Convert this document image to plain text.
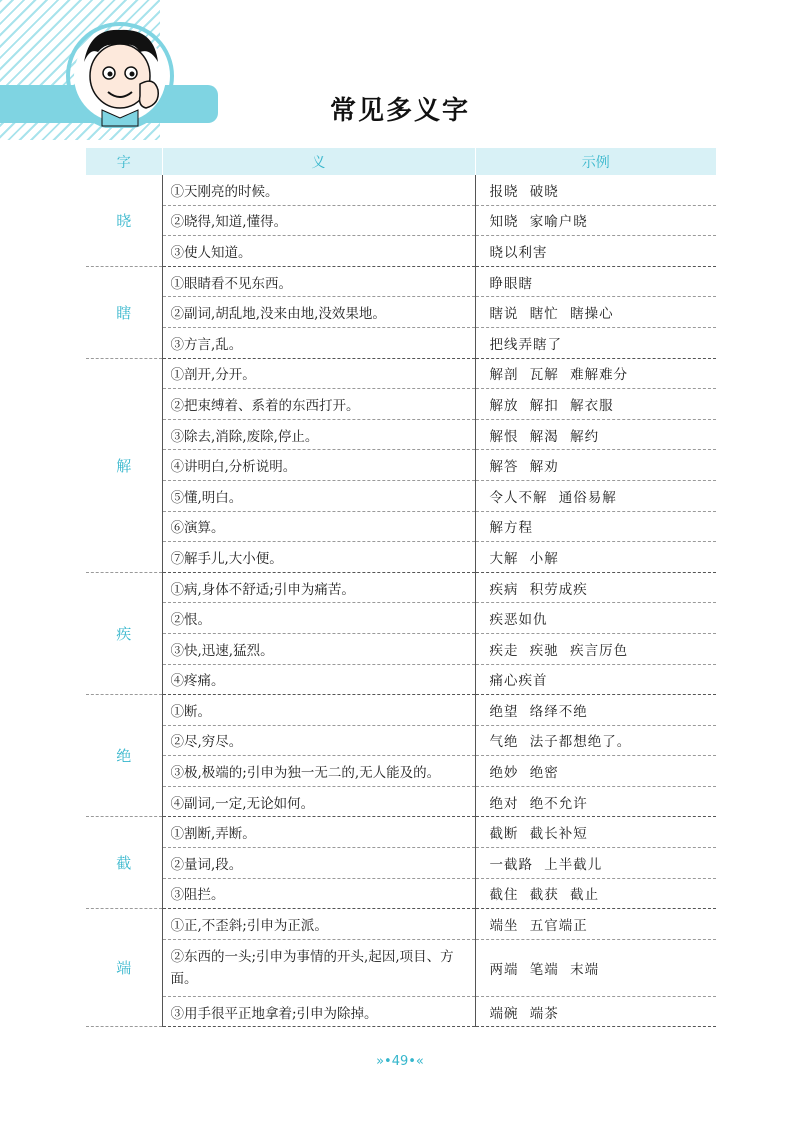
常见多义字
字	义	示例
晓	①天刚亮的时候。	报晓 破晓
	②晓得,知道,懂得。	知晓 家喻户晓
	③使人知道。	晓以利害
瞎	①眼睛看不见东西。	睁眼瞎
	②副词,胡乱地,没来由地,没效果地。	瞎说 瞎忙 瞎操心
	③方言,乱。	把线弄瞎了
解	①剖开,分开。	解剖 瓦解 难解难分
	②把束缚着、系着的东西打开。	解放 解扣 解衣服
	③除去,消除,废除,停止。	解恨 解渴 解约
	④讲明白,分析说明。	解答 解劝
	⑤懂,明白。	令人不解 通俗易解
	⑥演算。	解方程
	⑦解手儿,大小便。	大解 小解
疾	①病,身体不舒适;引申为痛苦。	疾病 积劳成疾
	②恨。	疾恶如仇
	③快,迅速,猛烈。	疾走 疾驰 疾言厉色
	④疼痛。	痛心疾首
绝	①断。	绝望 络绎不绝
	②尽,穷尽。	气绝 法子都想绝了。
	③极,极端的;引申为独一无二的,无人能及的。	绝妙 绝密
	④副词,一定,无论如何。	绝对 绝不允许
截	①割断,弄断。	截断 截长补短
	②量词,段。	一截路 上半截儿
	③阻拦。	截住 截获 截止
端	①正,不歪斜;引申为正派。	端坐 五官端正
	②东西的一头;引申为事情的开头,起因,项目、方面。	两端 笔端 末端
	③用手很平正地拿着;引申为除掉。	端碗 端茶
»•49•«
